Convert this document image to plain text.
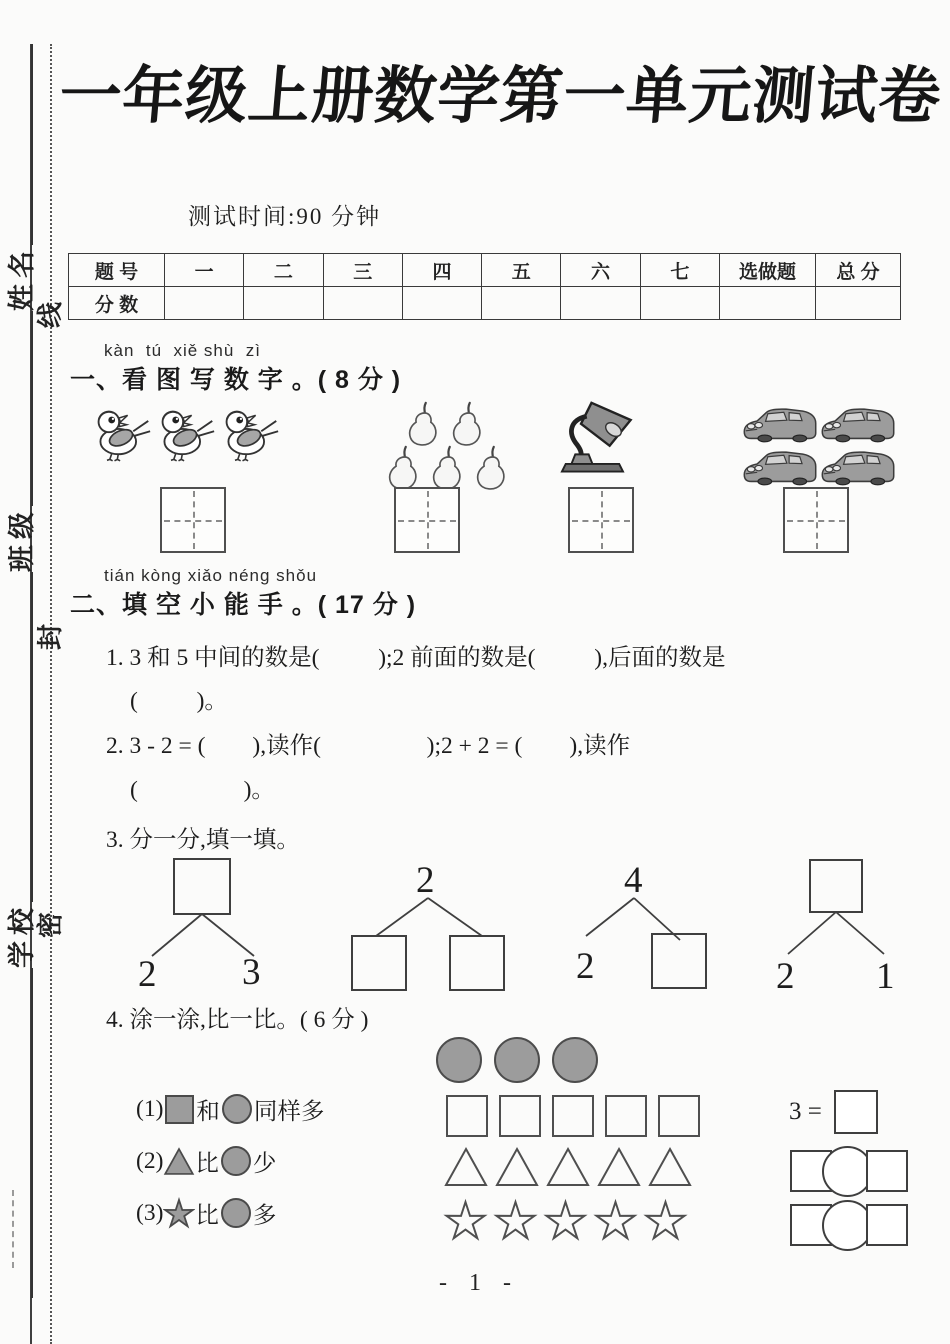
学校
班级
姓名
线
封
密
一年级上册数学第一单元测试卷
测试时间:90 分钟
题 号	一	二	三	四	五	六	七	选做题	总 分
分 数									
kàn  tú  xiě shù  zì
一、看 图 写 数 字 。( 8 分 )

tián kòng xiǎo néng shǒu
二、填 空 小 能 手 。( 17 分 )
1. 3 和 5 中间的数是(          );2 前面的数是(          ),后面的数是
(          )。
2. 3 - 2 = (        ),读作(                  );2 + 2 = (        ),读作
(                  )。
3. 分一分,填一填。
2 3
2	4
2	2 1
4. 涂一涂,比一比。( 6 分 )

(1) 和 同样多	3 =
(2) 比 少
(3) 比 多
- 1 -
